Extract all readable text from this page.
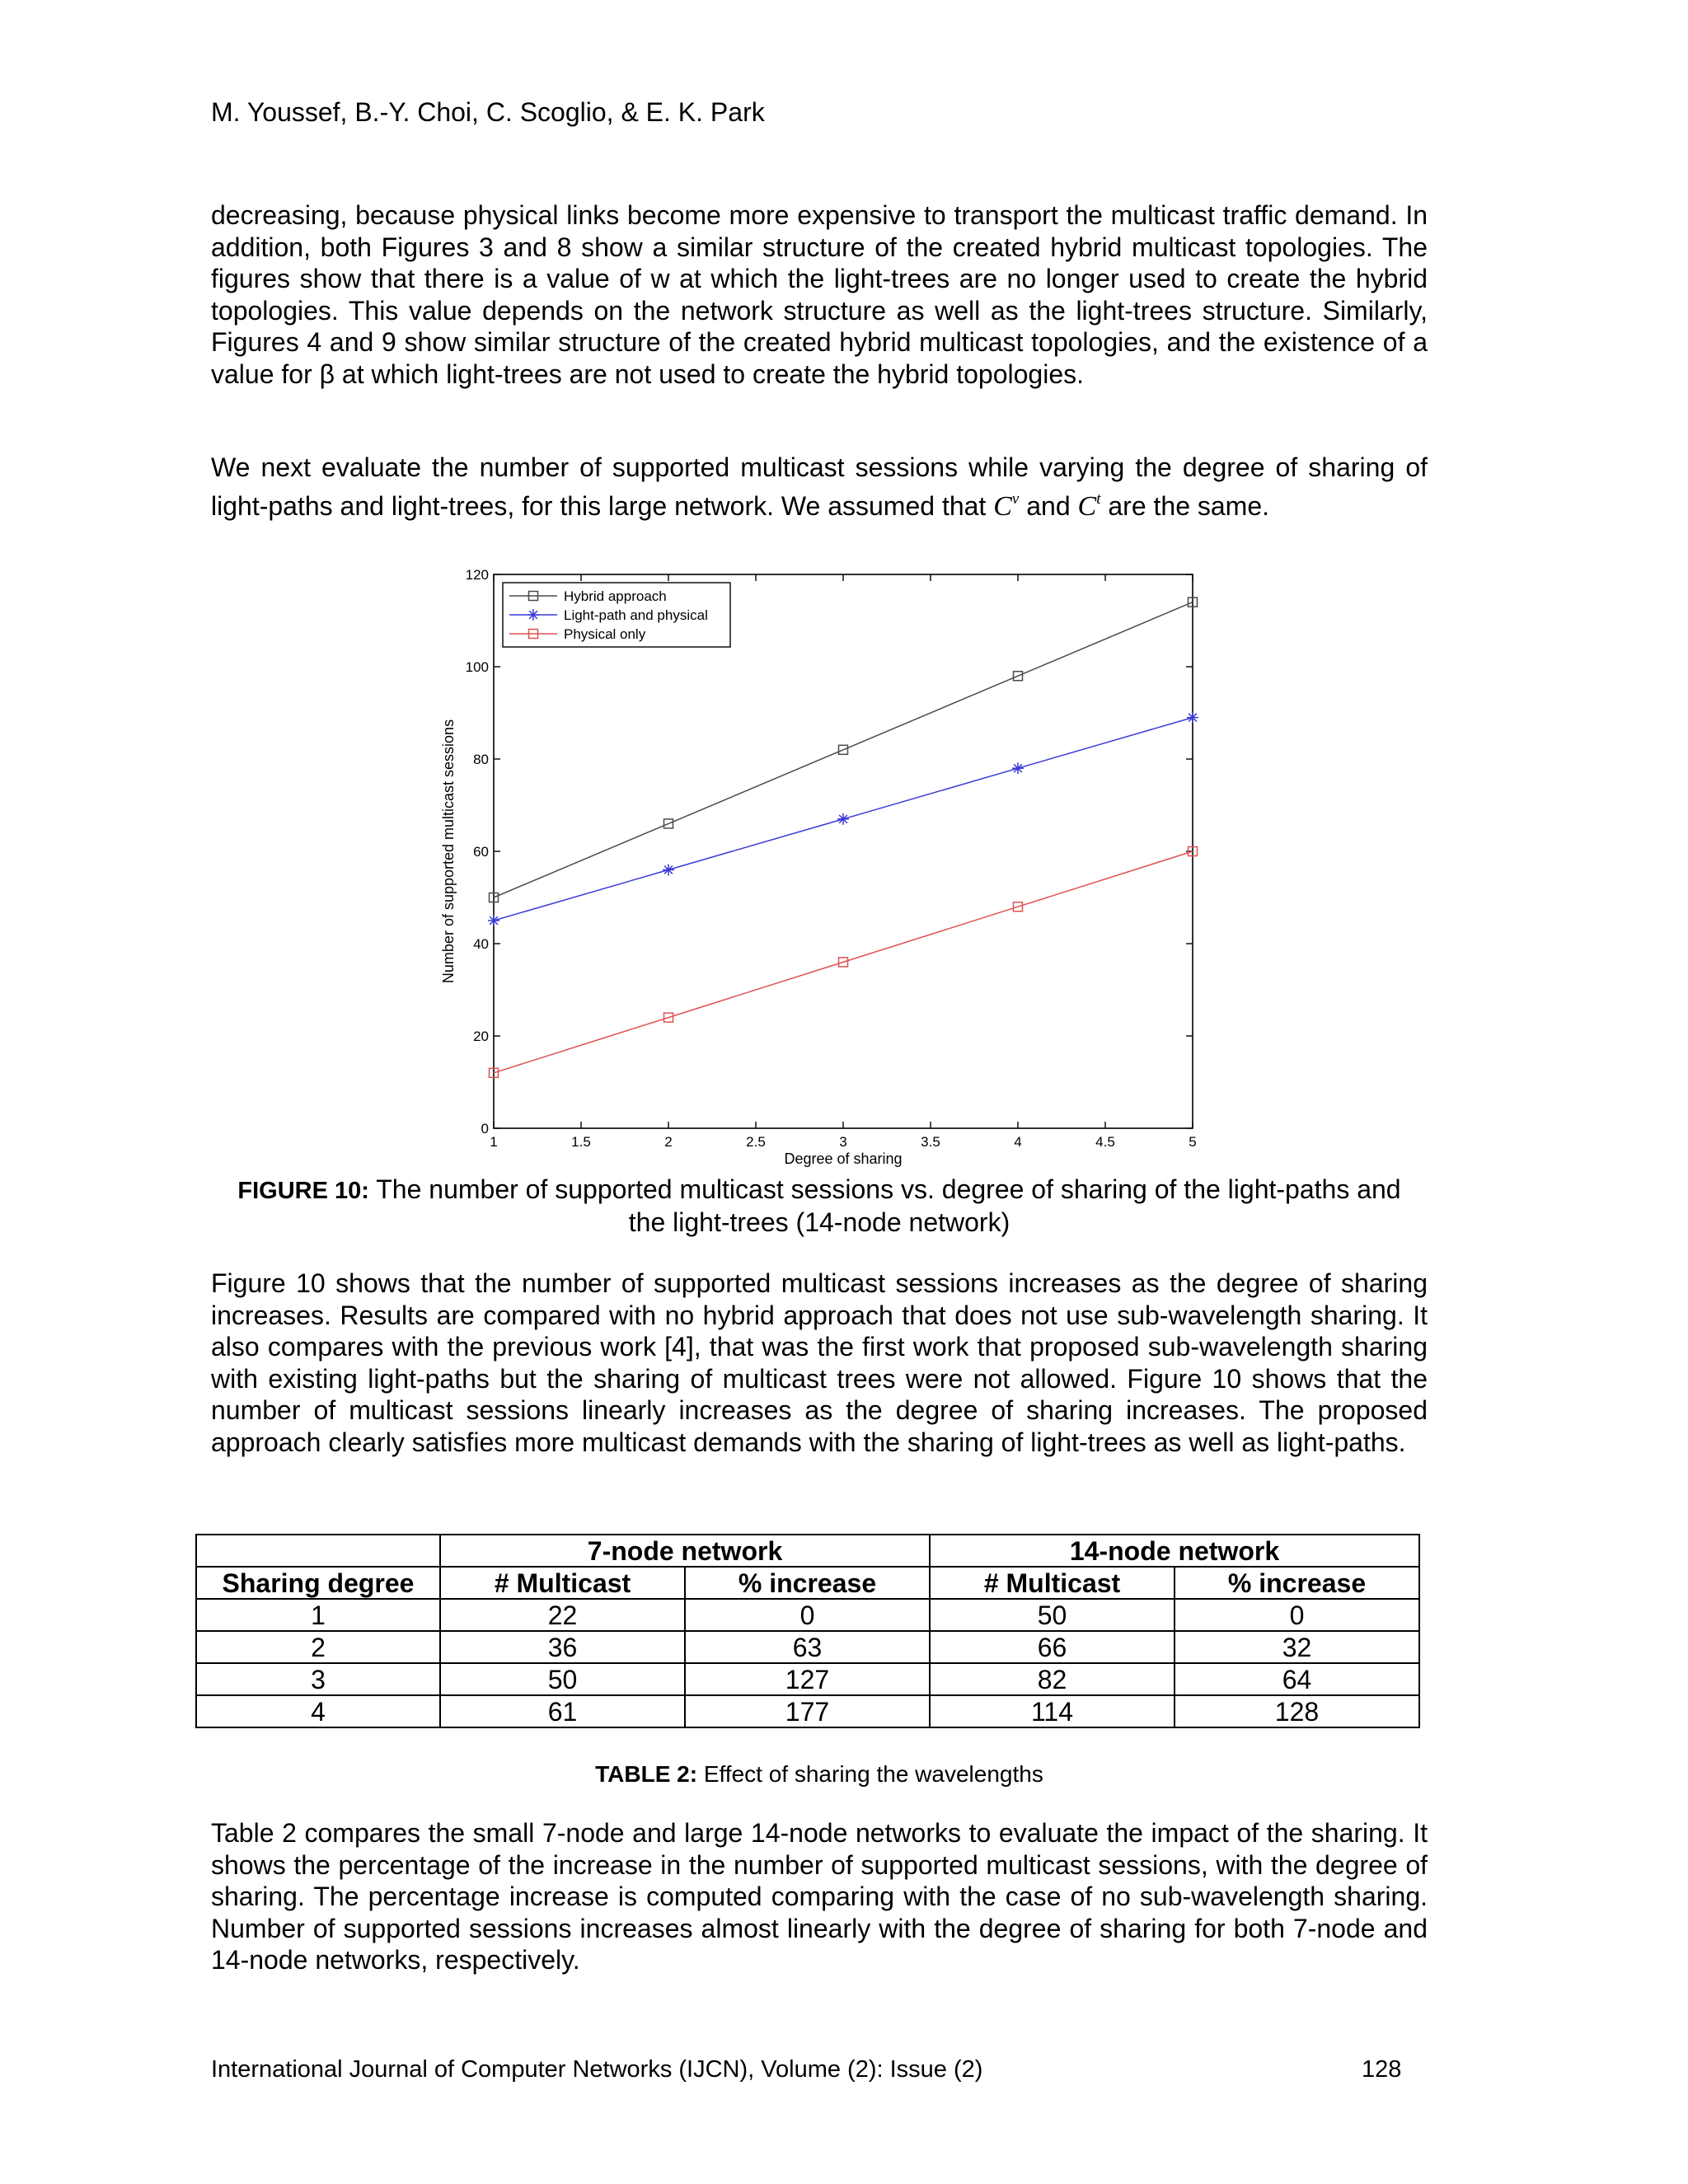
M. Youssef, B.-Y. Choi, C. Scoglio, & E. K. Park

decreasing, because physical links become more expensive to transport the multicast traffic demand. In addition, both Figures 3 and 8 show a similar structure of the created hybrid multicast topologies. The figures show that there is a value of w at which the light-trees are no longer used to create the hybrid topologies. This value depends on the network structure as well as the light-trees structure. Similarly, Figures 4 and 9 show similar structure of the created hybrid multicast topologies, and the existence of a value for β at which light-trees are not used to create the hybrid topologies.

We next evaluate the number of supported multicast sessions while varying the degree of sharing of light-paths and light-trees, for this large network. We assumed that $C^v$ and $C^t$ are the same.

1	1.5	2	2.5	3	3.5	4	4.5	5
0
20
40
60
80
100
120
Degree of sharing
Number of supported multicast sessions
Hybrid approach
Light-path and physical
Physical only
FIGURE 10: The number of supported multicast sessions vs. degree of sharing of the light-paths and
the light-trees (14-node network)

Figure 10 shows that the number of supported multicast sessions increases as the degree of sharing increases. Results are compared with no hybrid approach that does not use sub-wavelength sharing. It also compares with the previous work [4], that was the first work that proposed sub-wavelength sharing with existing light-paths but the sharing of multicast trees were not allowed. Figure 10 shows that the number of multicast sessions linearly increases as the degree of sharing increases. The proposed approach clearly satisfies more multicast demands with the sharing of light-trees as well as light-paths.

	7-node network		14-node network	
Sharing degree	# Multicast	% increase	# Multicast	% increase
1	22	0	50	0
2	36	63	66	32
3	50	127	82	64
4	61	177	114	128
TABLE 2: Effect of sharing the wavelengths

Table 2 compares the small 7-node and large 14-node networks to evaluate the impact of the sharing. It shows the percentage of the increase in the number of supported multicast sessions, with the degree of sharing. The percentage increase is computed comparing with the case of no sub-wavelength sharing. Number of supported sessions increases almost linearly with the degree of sharing for both 7-node and 14-node networks, respectively.

International Journal of Computer Networks (IJCN), Volume (2): Issue (2)	128
